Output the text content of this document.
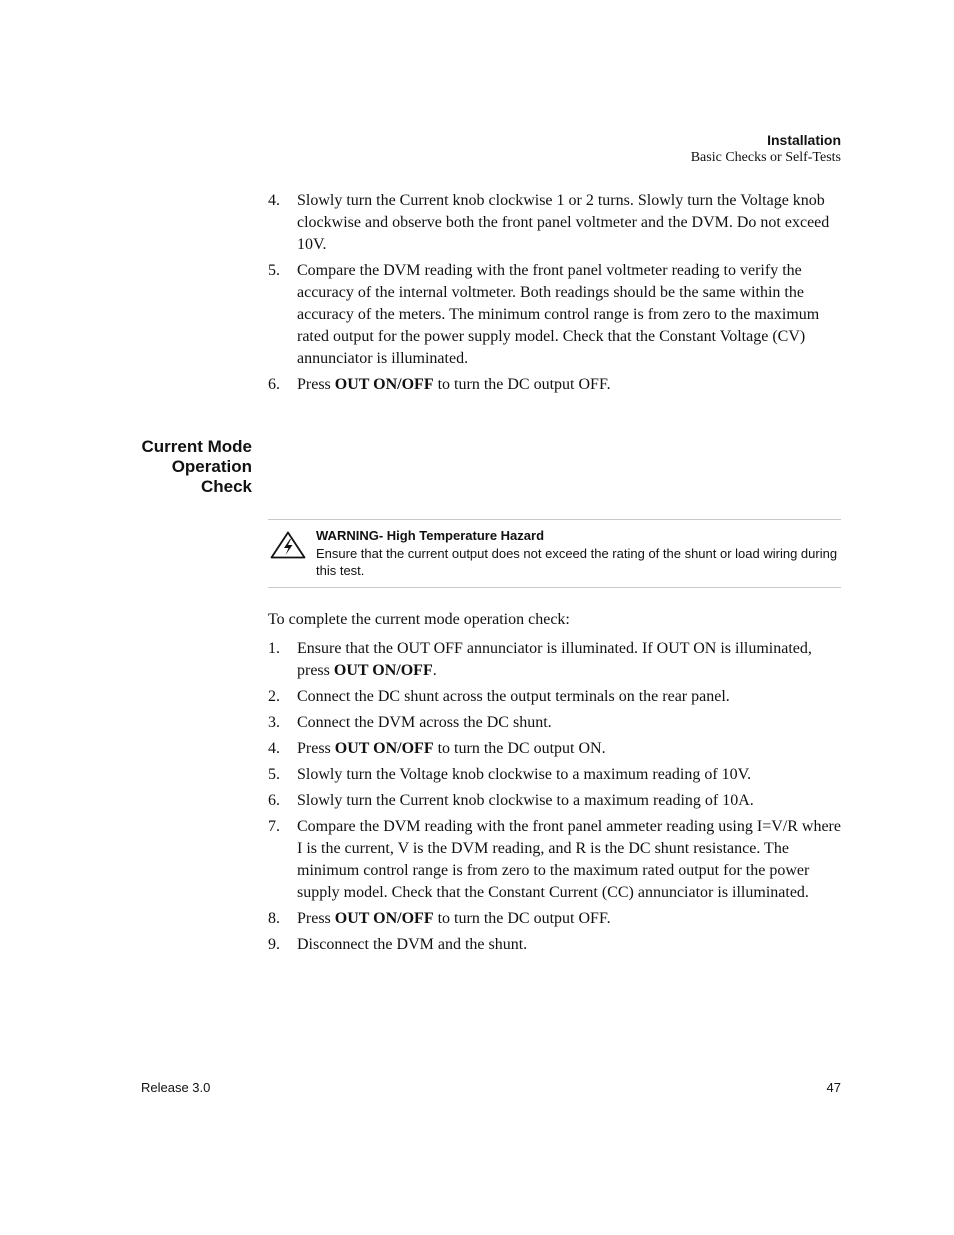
Installation
Basic Checks or Self-Tests
4. Slowly turn the Current knob clockwise 1 or 2 turns. Slowly turn the Voltage knob clockwise and observe both the front panel voltmeter and the DVM. Do not exceed 10V.
5. Compare the DVM reading with the front panel voltmeter reading to verify the accuracy of the internal voltmeter. Both readings should be the same within the accuracy of the meters. The minimum control range is from zero to the maximum rated output for the power supply model. Check that the Constant Voltage (CV) annunciator is illuminated.
6. Press OUT ON/OFF to turn the DC output OFF.
Current Mode
Operation
Check
WARNING- High Temperature Hazard
Ensure that the current output does not exceed the rating of the shunt or load wiring during this test.
To complete the current mode operation check:
1. Ensure that the OUT OFF annunciator is illuminated. If OUT ON is illuminated, press OUT ON/OFF.
2. Connect the DC shunt across the output terminals on the rear panel.
3. Connect the DVM across the DC shunt.
4. Press OUT ON/OFF to turn the DC output ON.
5. Slowly turn the Voltage knob clockwise to a maximum reading of 10V.
6. Slowly turn the Current knob clockwise to a maximum reading of 10A.
7. Compare the DVM reading with the front panel ammeter reading using I=V/R where I is the current, V is the DVM reading, and R is the DC shunt resistance. The minimum control range is from zero to the maximum rated output for the power supply model. Check that the Constant Current (CC) annunciator is illuminated.
8. Press OUT ON/OFF to turn the DC output OFF.
9. Disconnect the DVM and the shunt.
Release 3.0	47
